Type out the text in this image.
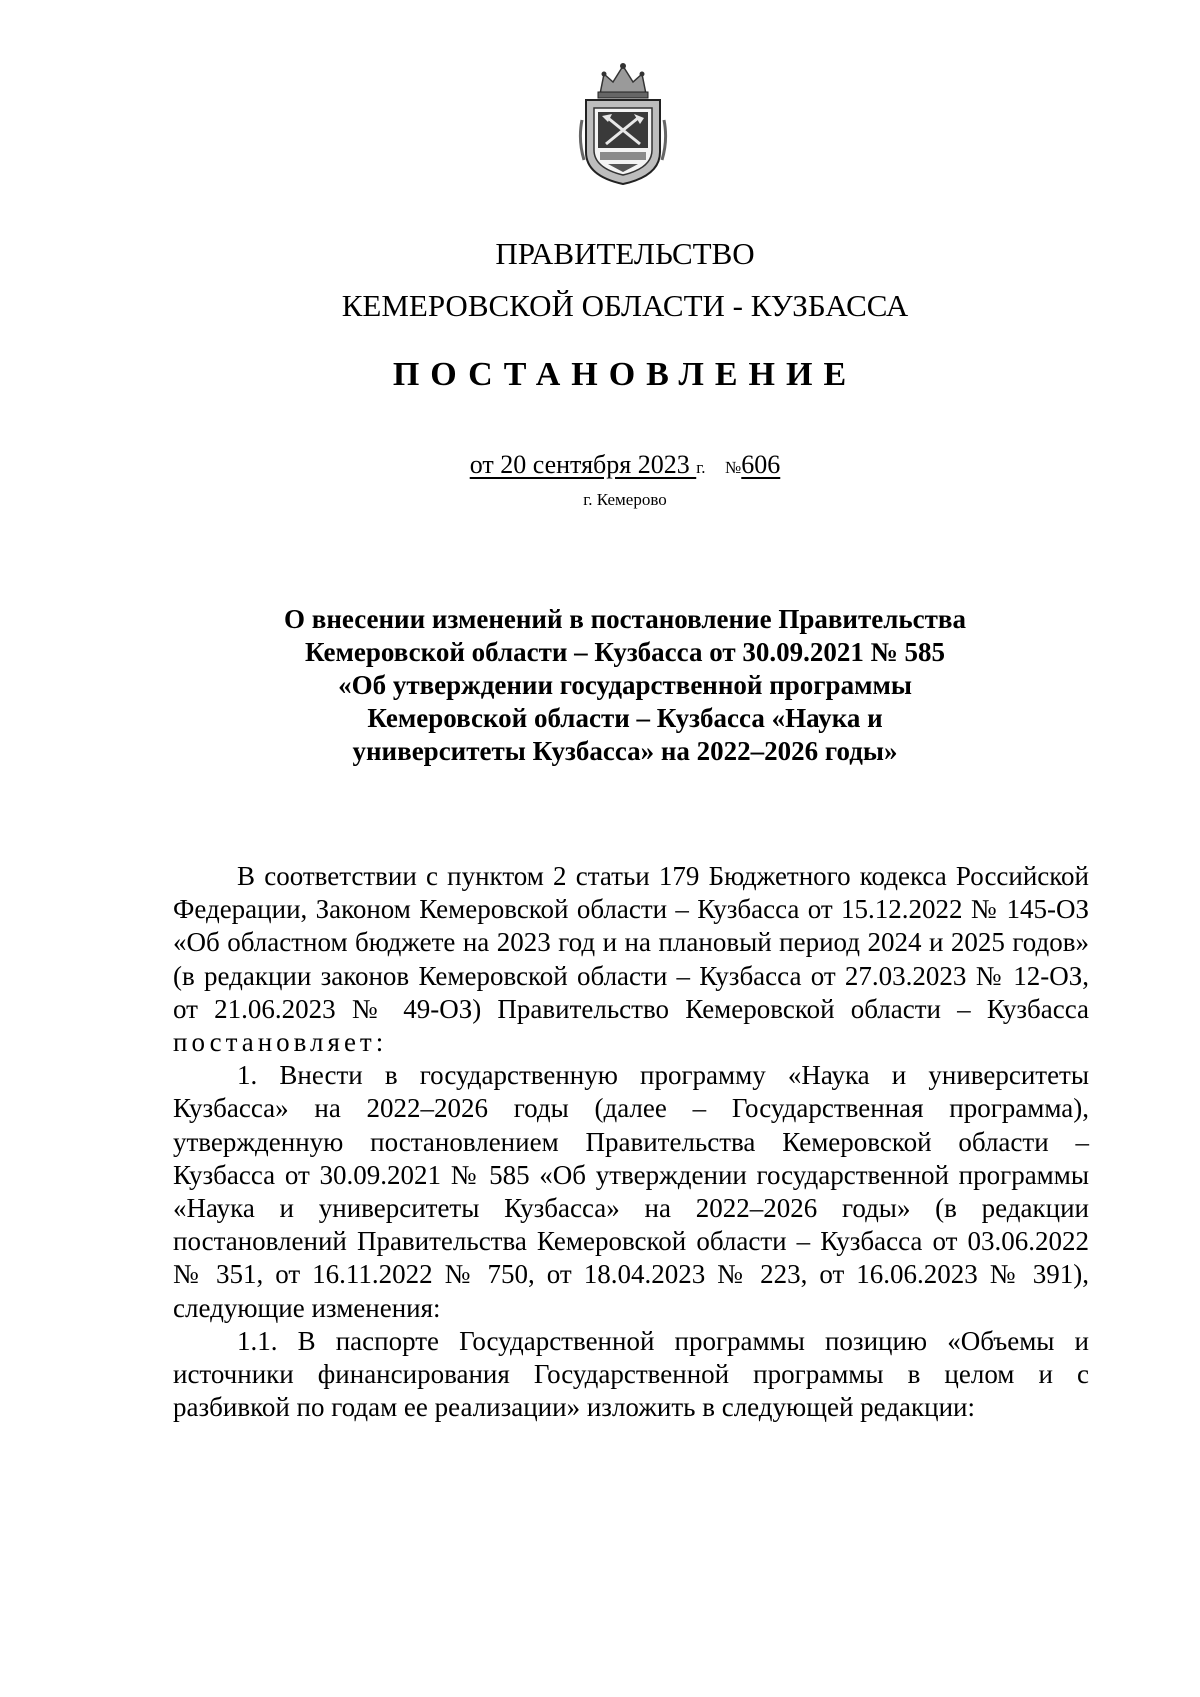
ПРАВИТЕЛЬСТВО
КЕМЕРОВСКОЙ ОБЛАСТИ - КУЗБАССА
ПОСТАНОВЛЕНИЕ
от 20 сентября 2023 г. №606
г. Кемерово
О внесении изменений в постановление Правительства
Кемеровской области – Кузбасса от 30.09.2021 № 585
«Об утверждении государственной программы
Кемеровской области – Кузбасса «Наука и
университеты Кузбасса» на 2022–2026 годы»

В соответствии с пунктом 2 статьи 179 Бюджетного кодекса Российской Федерации, Законом Кемеровской области – Кузбасса от 15.12.2022 № 145-ОЗ «Об областном бюджете на 2023 год и на плановый период 2024 и 2025 годов» (в редакции законов Кемеровской области – Кузбасса от 27.03.2023 № 12-ОЗ, от 21.06.2023 № 49-ОЗ) Правительство Кемеровской области – Кузбасса постановляет:

1. Внести в государственную программу «Наука и университеты Кузбасса» на 2022–2026 годы (далее – Государственная программа), утвержденную постановлением Правительства Кемеровской области – Кузбасса от 30.09.2021 № 585 «Об утверждении государственной программы «Наука и университеты Кузбасса» на 2022–2026 годы» (в редакции постановлений Правительства Кемеровской области – Кузбасса от 03.06.2022 № 351, от 16.11.2022 № 750, от 18.04.2023 № 223, от 16.06.2023 № 391), следующие изменения:

1.1. В паспорте Государственной программы позицию «Объемы и источники финансирования Государственной программы в целом и с разбивкой по годам ее реализации» изложить в следующей редакции:
